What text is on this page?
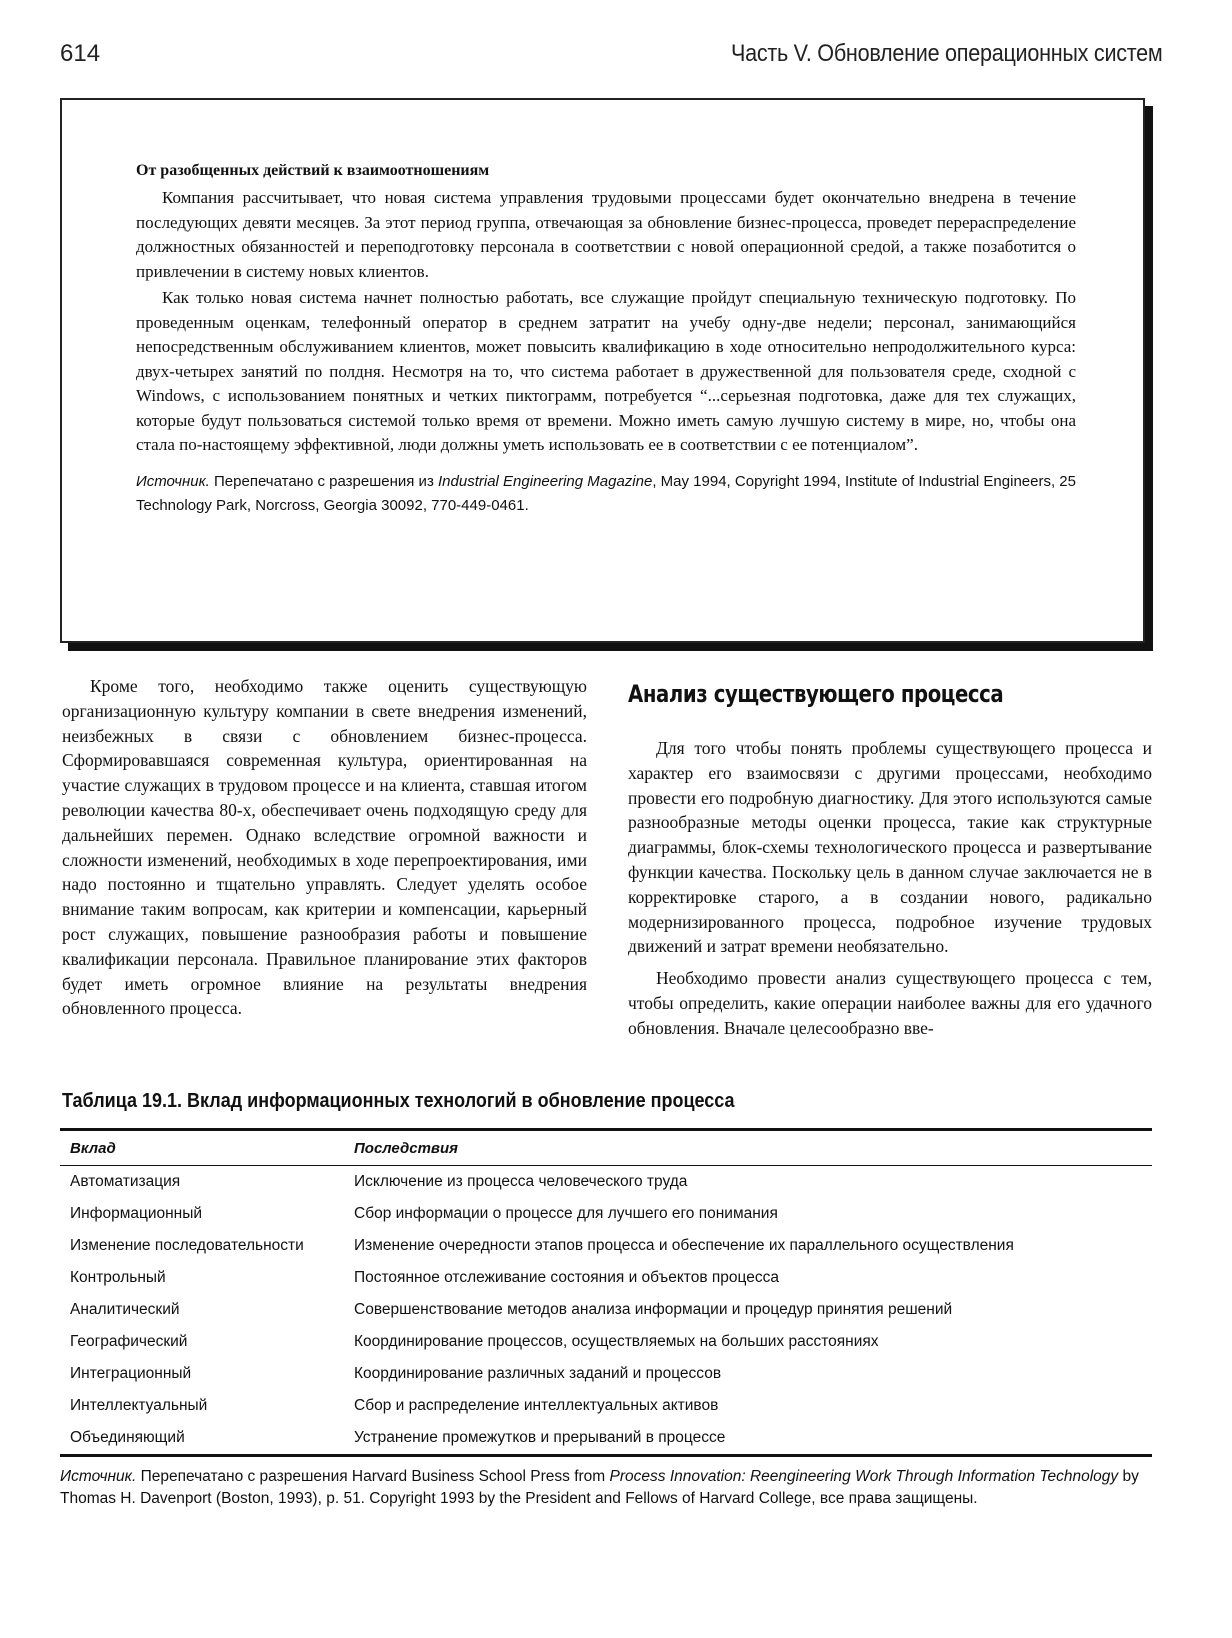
614	Часть V. Обновление операционных систем

От разобщенных действий к взаимоотношениям

Компания рассчитывает, что новая система управления трудовыми процессами будет окончательно внедрена в течение последующих девяти месяцев. За этот период группа, отвечающая за обновление бизнес-процесса, проведет перераспределение должностных обязанностей и переподготовку персонала в соответствии с новой операционной средой, а также позаботится о привлечении в систему новых клиентов.

Как только новая система начнет полностью работать, все служащие пройдут специальную техническую подготовку. По проведенным оценкам, телефонный оператор в среднем затратит на учебу одну-две недели; персонал, занимающийся непосредственным обслуживанием клиентов, может повысить квалификацию в ходе относительно непродолжительного курса: двух-четырех занятий по полдня. Несмотря на то, что система работает в дружественной для пользователя среде, сходной с Windows, с использованием понятных и четких пиктограмм, потребуется “...серьезная подготовка, даже для тех служащих, которые будут пользоваться системой только время от времени. Можно иметь самую лучшую систему в мире, но, чтобы она стала по-настоящему эффективной, люди должны уметь использовать ее в соответствии с ее потенциалом”.

Источник. Перепечатано с разрешения из Industrial Engineering Magazine, May 1994, Copyright 1994, Institute of Industrial Engineers, 25 Technology Park, Norcross, Georgia 30092, 770-449-0461.

Кроме того, необходимо также оценить существующую организационную культуру компании в свете внедрения изменений, неизбежных в связи с обновлением бизнес-процесса. Сформировавшаяся современная культура, ориентированная на участие служащих в трудовом процессе и на клиента, ставшая итогом революции качества 80-х, обеспечивает очень подходящую среду для дальнейших перемен. Однако вследствие огромной важности и сложности изменений, необходимых в ходе перепроектирования, ими надо постоянно и тщательно управлять. Следует уделять особое внимание таким вопросам, как критерии и компенсации, карьерный рост служащих, повышение разнообразия работы и повышение квалификации персонала. Правильное планирование этих факторов будет иметь огромное влияние на результаты внедрения обновленного процесса.

Анализ существующего процесса

Для того чтобы понять проблемы существующего процесса и характер его взаимосвязи с другими процессами, необходимо провести его подробную диагностику. Для этого используются самые разнообразные методы оценки процесса, такие как структурные диаграммы, блок-схемы технологического процесса и развертывание функции качества. Поскольку цель в данном случае заключается не в корректировке старого, а в создании нового, радикально модернизированного процесса, подробное изучение трудовых движений и затрат времени необязательно.

Необходимо провести анализ существующего процесса с тем, чтобы определить, какие операции наиболее важны для его удачного обновления. Вначале целесообразно вве-

Таблица 19.1. Вклад информационных технологий в обновление процесса
Вклад	Последствия
Автоматизация	Исключение из процесса человеческого труда
Информационный	Сбор информации о процессе для лучшего его понимания
Изменение последовательности	Изменение очередности этапов процесса и обеспечение их параллельного осуществления
Контрольный	Постоянное отслеживание состояния и объектов процесса
Аналитический	Совершенствование методов анализа информации и процедур принятия решений
Географический	Координирование процессов, осуществляемых на больших расстояниях
Интеграционный	Координирование различных заданий и процессов
Интеллектуальный	Сбор и распределение интеллектуальных активов
Объединяющий	Устранение промежутков и прерываний в процессе
Источник. Перепечатано с разрешения Harvard Business School Press from Process Innovation: Reengineering Work Through Information Technology by Thomas H. Davenport (Boston, 1993), p. 51. Copyright 1993 by the President and Fellows of Harvard College, все права защищены.
